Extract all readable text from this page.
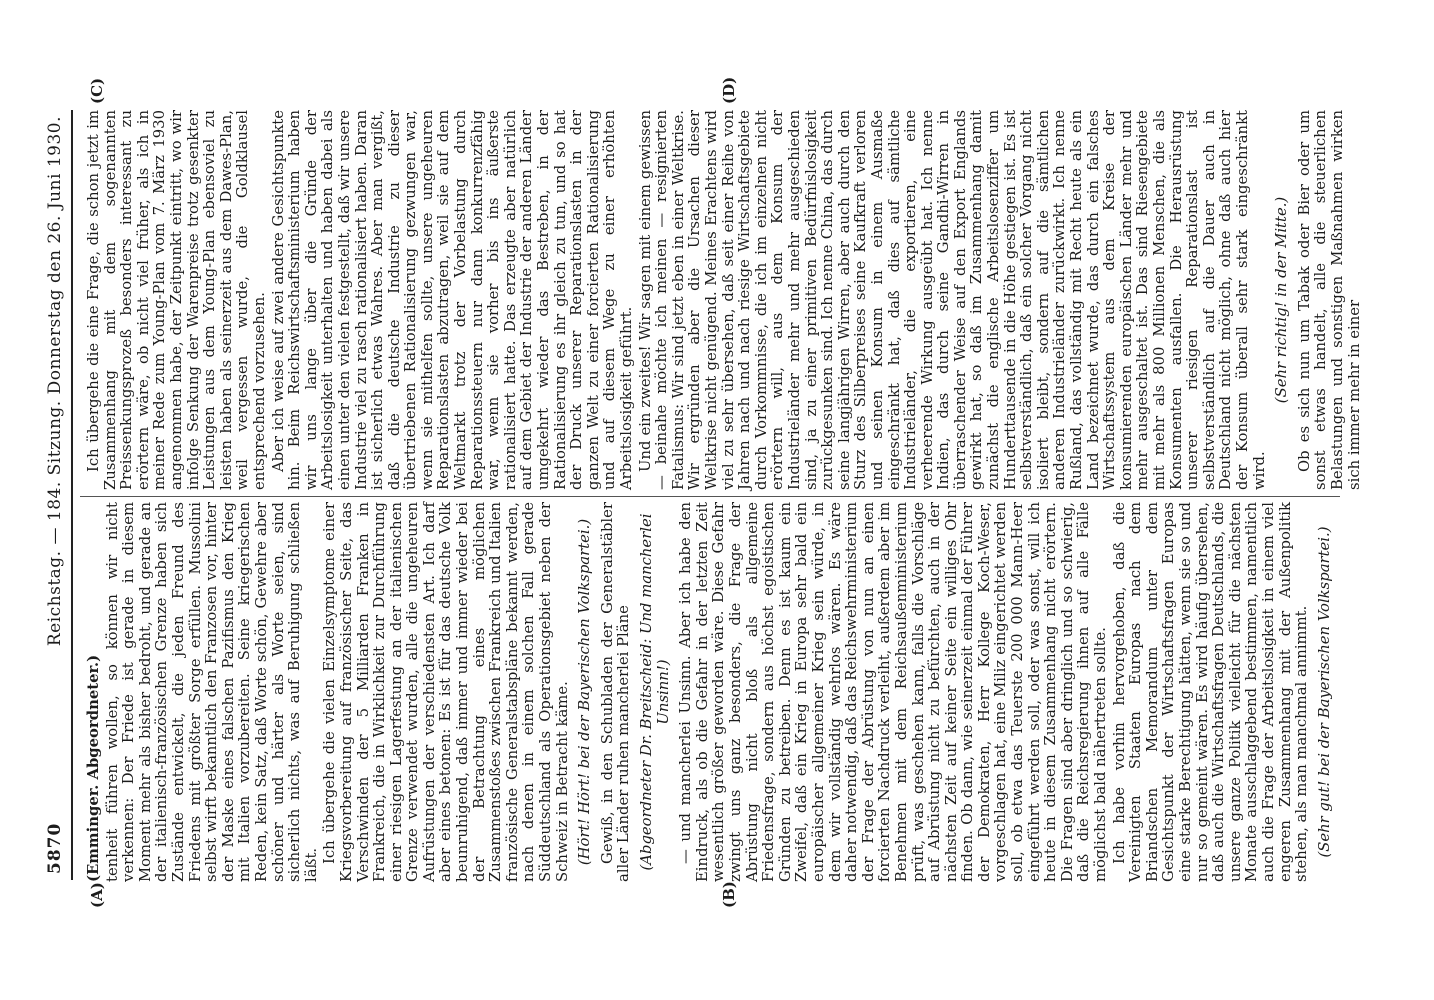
5870
Reichstag. — 184. Sitzung. Donnerstag den 26. Juni 1930.
(A)	(B)
(C)	(D)

(Emminger. Abgeordneter.) tenheit führen wollen, so können wir nicht verkennen: Der Friede ist gerade in diesem Moment mehr als bisher bedroht, und gerade an der italienisch-französischen Grenze haben sich Zustände entwickelt, die jeden Freund des Friedens mit größter Sorge erfüllen. Mussolini selbst wirft bekanntlich den Franzosen vor, hinter der Maske eines falschen Pazifismus den Krieg mit Italien vorzubereiten. Seine kriegerischen Reden, kein Satz, daß Worte schön, Gewehre aber schöner und härter als Worte seien, sind sicherlich nichts, was auf Beruhigung schließen läßt.

Ich übergehe die vielen Einzelsymptome einer Kriegsvorbereitung auf französischer Seite, das Verschwinden der 5 Milliarden Franken in Frankreich, die in Wirklichkeit zur Durchführung einer riesigen Lagerfestung an der italienischen Grenze verwendet wurden, alle die ungeheuren Aufrüstungen der verschiedensten Art. Ich darf aber eines betonen: Es ist für das deutsche Volk beunruhigend, daß immer und immer wieder bei der Betrachtung eines möglichen Zusammenstoßes zwischen Frankreich und Italien französische Generalstabspläne bekannt werden, nach denen in einem solchen Fall gerade Süddeutschland als Operationsgebiet neben der Schweiz in Betracht käme. (Hört! Hört! bei der Bayerischen Volkspartei.) Gewiß, in den Schubladen der Generalstäbler aller Länder ruhen mancherlei Pläne (Abgeordneter Dr. Breitscheid: Und mancherlei Unsinn!) — und mancherlei Unsinn. Aber ich habe den Eindruck, als ob die Gefahr in der letzten Zeit wesentlich größer geworden wäre. Diese Gefahr zwingt uns ganz besonders, die Frage der Abrüstung nicht bloß als allgemeine Friedensfrage, sondern aus höchst egoistischen Gründen zu betreiben. Denn es ist kaum ein Zweifel, daß ein Krieg in Europa sehr bald ein europäischer allgemeiner Krieg sein würde, in dem wir vollständig wehrlos wären. Es wäre daher notwendig, daß das Reichswehrministerium der Frage der Abrüstung von nun an einen forcierten Nachdruck verleiht, außerdem aber im Benehmen mit dem Reichsaußenministerium prüft, was geschehen kann, falls die Vorschläge auf Abrüstung nicht zu befürchten, auch in der nächsten Zeit auf keiner Seite ein williges Ohr finden. Ob dann, wie seinerzeit einmal der Führer der Demokraten, Herr Kollege Koch-Weser, vorgeschlagen hat, eine Miliz eingerichtet werden soll, ob etwa das Teuerste 200 000 Mann-Heer eingeführt werden soll, oder was sonst, will ich heute in diesem Zusammenhang nicht erörtern. Die Fragen sind aber dringlich und so schwierig, daß die Reichsregierung ihnen auf alle Fälle möglichst bald nähertreten sollte. Ich habe vorhin hervorgehoben, daß die Vereinigten Staaten Europas nach dem Briandschen Memorandum unter dem Gesichtspunkt der Wirtschaftsfragen Europas eine starke Berechtigung hätten, wenn sie so und nur so gemeint wären. Es wird häufig übersehen, daß auch die Wirtschaftsfragen Deutschlands, die unsere ganze Politik vielleicht für die nächsten Monate ausschlaggebend bestimmen, namentlich auch die Frage der Arbeitslosigkeit in einem viel engeren Zusammenhang mit der Außenpolitik stehen, als man manchmal annimmt. (Sehr gut! bei der Bayerischen Volkspartei.)

Ich übergehe die eine Frage, die schon jetzt im Zusammenhang mit dem sogenannten Preissenkungsprozeß besonders interessant zu erörtern wäre, ob nicht viel früher, als ich in meiner Rede zum Young-Plan vom 7. März 1930 angenommen habe, der Zeitpunkt eintritt, wo wir infolge Senkung der Warenpreise trotz gesenkter Leistungen aus dem Young-Plan ebensoviel zu leisten haben als seinerzeit aus dem Dawes-Plan, weil vergessen wurde, die Goldklausel entsprechend vorzusehen. Aber ich weise auf zwei andere Gesichtspunkte hin. Beim Reichswirtschaftsministerium haben wir uns lange über die Gründe der Arbeitslosigkeit unterhalten und haben dabei als einen unter den vielen festgestellt, daß wir unsere Industrie viel zu rasch rationalisiert haben. Daran ist sicherlich etwas Wahres. Aber man vergißt, daß die deutsche Industrie zu dieser übertriebenen Rationalisierung gezwungen war, wenn sie mithelfen sollte, unsere ungeheuren Reparationslasten abzutragen, weil sie auf dem Weltmarkt trotz der Vorbelastung durch Reparationssteuern nur dann konkurrenzfähig war, wenn sie vorher bis ins äußerste rationalisiert hatte. Das erzeugte aber natürlich auf dem Gebiet der Industrie der anderen Länder umgekehrt wieder das Bestreben, in der Rationalisierung es ihr gleich zu tun, und so hat der Druck unserer Reparationslasten in der ganzen Welt zu einer forcierten Rationalisierung und auf diesem Wege zu einer erhöhten Arbeitslosigkeit geführt. Und ein zweites! Wir sagen mit einem gewissen — beinahe möchte ich meinen — resignierten Fatalismus: Wir sind jetzt eben in einer Weltkrise. Wir ergründen aber die Ursachen dieser Weltkrise nicht genügend. Meines Erachtens wird viel zu sehr übersehen, daß seit einer Reihe von Jahren nach und nach riesige Wirtschaftsgebiete durch Vorkommnisse, die ich im einzelnen nicht erörtern will, aus dem Konsum der Industrieländer mehr und mehr ausgeschieden sind, ja zu einer primitiven Bedürfnislosigkeit zurückgesunken sind. Ich nenne China, das durch seine langjährigen Wirren, aber auch durch den Sturz des Silberpreises seine Kaufkraft verloren und seinen Konsum in einem Ausmaße eingeschränkt hat, daß dies auf sämtliche Industrieländer, die exportieren, eine verheerende Wirkung ausgeübt hat. Ich nenne Indien, das durch seine Gandhi-Wirren in überraschender Weise auf den Export Englands gewirkt hat, so daß im Zusammenhang damit zunächst die englische Arbeitslosenziffer um Hunderttausende in die Höhe gestiegen ist. Es ist selbstverständlich, daß ein solcher Vorgang nicht isoliert bleibt, sondern auf die sämtlichen anderen Industrieländer zurückwirkt. Ich nenne Rußland, das vollständig mit Recht heute als ein Land bezeichnet wurde, das durch ein falsches Wirtschaftssystem aus dem Kreise der konsumierenden europäischen Länder mehr und mehr ausgeschaltet ist. Das sind Riesengebiete mit mehr als 800 Millionen Menschen, die als Konsumenten ausfallen. Die Herausrüstung unserer riesigen Reparationslast ist selbstverständlich auf die Dauer auch in Deutschland nicht möglich, ohne daß auch hier der Konsum überall sehr stark eingeschränkt wird.

(Sehr richtig! in der Mitte.) Ob es sich nun um Tabak oder Bier oder um sonst etwas handelt, alle die steuerlichen Belastungen und sonstigen Maßnahmen wirken sich immer mehr in einer
